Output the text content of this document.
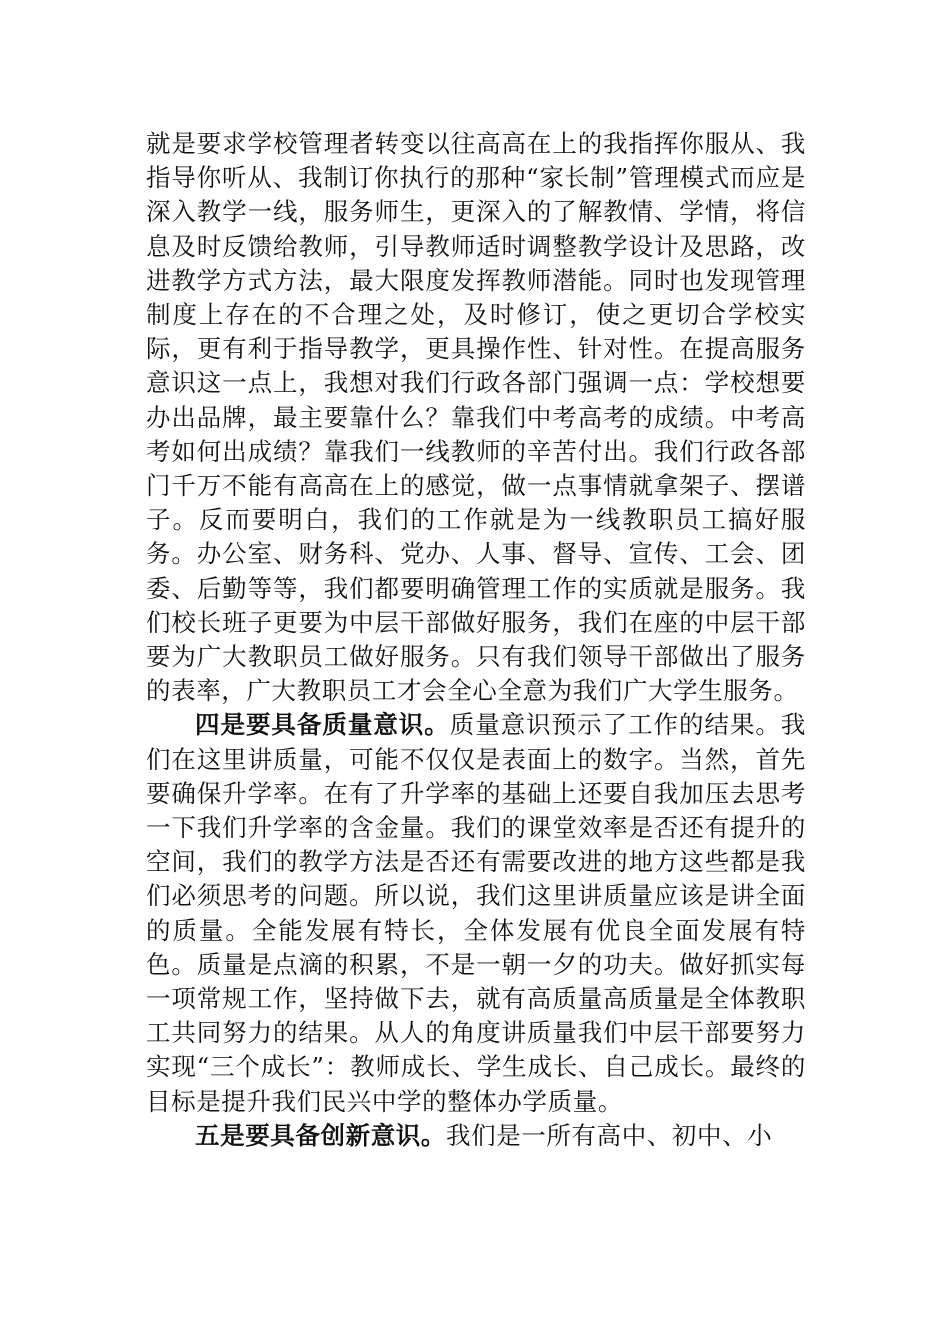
就是要求学校管理者转变以往高高在上的我指挥你服从、我指导你听从、我制订你执行的那种“家长制”管理模式而应是深入教学一线，服务师生，更深入的了解教情、学情，将信息及时反馈给教师，引导教师适时调整教学设计及思路，改进教学方式方法，最大限度发挥教师潜能。同时也发现管理制度上存在的不合理之处，及时修订，使之更切合学校实际，更有利于指导教学，更具操作性、针对性。在提高服务意识这一点上，我想对我们行政各部门强调一点：学校想要办出品牌，最主要靠什么？靠我们中考高考的成绩。中考高考如何出成绩？靠我们一线教师的辛苦付出。我们行政各部门千万不能有高高在上的感觉，做一点事情就拿架子、摆谱子。反而要明白，我们的工作就是为一线教职员工搞好服务。办公室、财务科、党办、人事、督导、宣传、工会、团委、后勤等等，我们都要明确管理工作的实质就是服务。我们校长班子更要为中层干部做好服务，我们在座的中层干部要为广大教职员工做好服务。只有我们领导干部做出了服务的表率，广大教职员工才会全心全意为我们广大学生服务。

四是要具备质量意识。质量意识预示了工作的结果。我们在这里讲质量，可能不仅仅是表面上的数字。当然，首先要确保升学率。在有了升学率的基础上还要自我加压去思考一下我们升学率的含金量。我们的课堂效率是否还有提升的空间，我们的教学方法是否还有需要改进的地方这些都是我们必须思考的问题。所以说，我们这里讲质量应该是讲全面的质量。全能发展有特长，全体发展有优良全面发展有特色。质量是点滴的积累，不是一朝一夕的功夫。做好抓实每一项常规工作，坚持做下去，就有高质量高质量是全体教职工共同努力的结果。从人的角度讲质量我们中层干部要努力实现“三个成长”：教师成长、学生成长、自己成长。最终的目标是提升我们民兴中学的整体办学质量。

五是要具备创新意识。我们是一所有高中、初中、小
